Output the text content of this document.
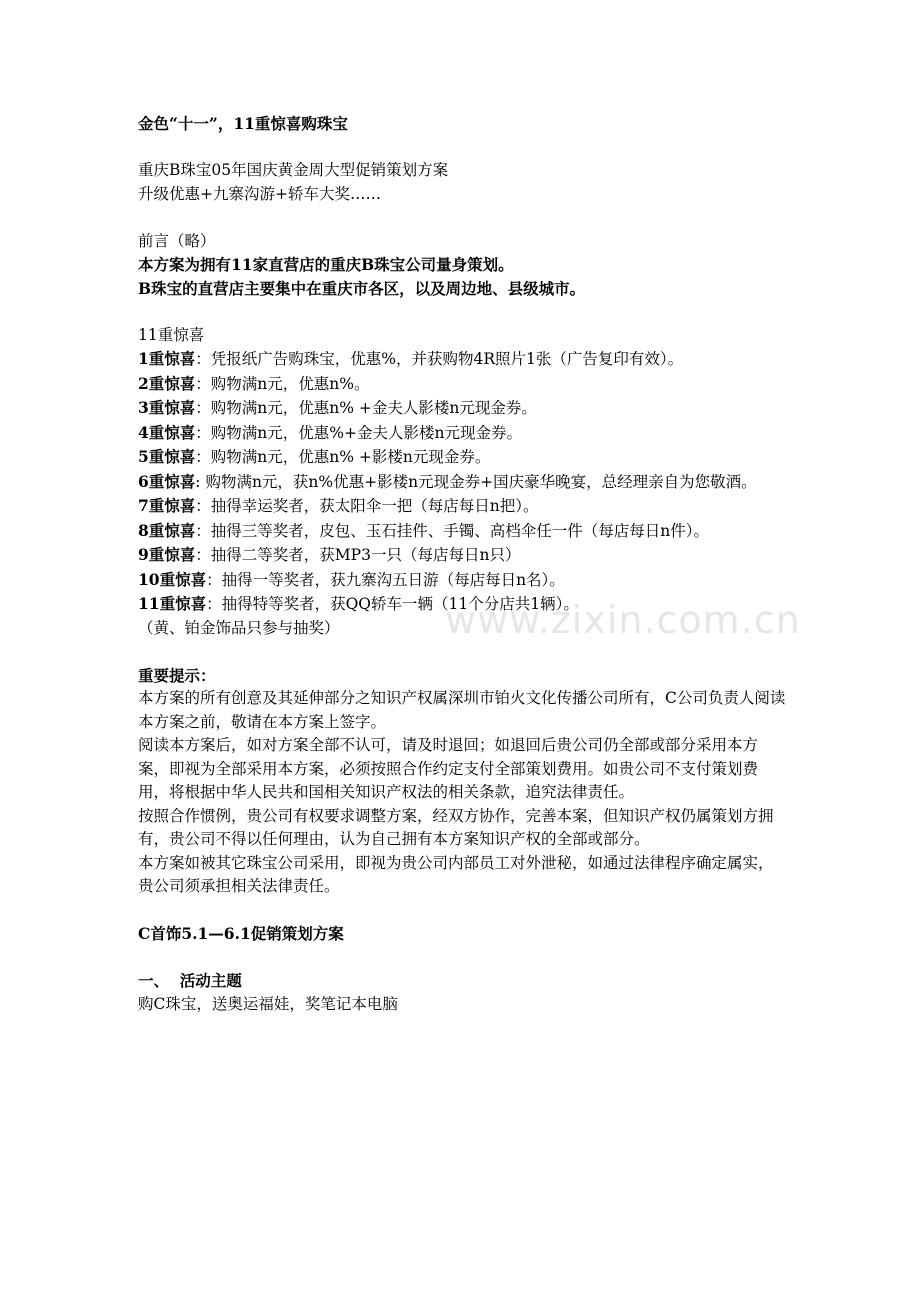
www.zixin.com.cn
金色“十一”，11重惊喜购珠宝
重庆B珠宝05年国庆黄金周大型促销策划方案
升级优惠+九寨沟游+轿车大奖……
前言（略）
本方案为拥有11家直营店的重庆B珠宝公司量身策划。
B珠宝的直营店主要集中在重庆市各区，以及周边地、县级城市。
11重惊喜
1重惊喜：凭报纸广告购珠宝，优惠%，并获购物4R照片1张（广告复印有效）。
2重惊喜：购物满n元，优惠n%。
3重惊喜：购物满n元，优惠n% +金夫人影楼n元现金券。
4重惊喜：购物满n元，优惠%+金夫人影楼n元现金券。
5重惊喜：购物满n元，优惠n% +影楼n元现金券。
6重惊喜: 购物满n元，获n%优惠+影楼n元现金券+国庆豪华晚宴，总经理亲自为您敬酒。
7重惊喜：抽得幸运奖者，获太阳伞一把（每店每日n把）。
8重惊喜：抽得三等奖者，皮包、玉石挂件、手镯、高档伞任一件（每店每日n件）。
9重惊喜：抽得二等奖者，获MP3一只（每店每日n只）
10重惊喜：抽得一等奖者，获九寨沟五日游（每店每日n名）。
11重惊喜：抽得特等奖者，获QQ轿车一辆（11个分店共1辆）。
（黄、铂金饰品只参与抽奖）
重要提示：
本方案的所有创意及其延伸部分之知识产权属深圳市铂火文化传播公司所有，C公司负责人阅读本方案之前，敬请在本方案上签字。
阅读本方案后，如对方案全部不认可，请及时退回；如退回后贵公司仍全部或部分采用本方案，即视为全部采用本方案，必须按照合作约定支付全部策划费用。如贵公司不支付策划费用，将根据中华人民共和国相关知识产权法的相关条款，追究法律责任。
按照合作惯例，贵公司有权要求调整方案，经双方协作，完善本案，但知识产权仍属策划方拥有，贵公司不得以任何理由，认为自己拥有本方案知识产权的全部或部分。
本方案如被其它珠宝公司采用，即视为贵公司内部员工对外泄秘，如通过法律程序确定属实，贵公司须承担相关法律责任。
C首饰5.1—6.1促销策划方案
一、  活动主题
购C珠宝，送奥运福娃，奖笔记本电脑
